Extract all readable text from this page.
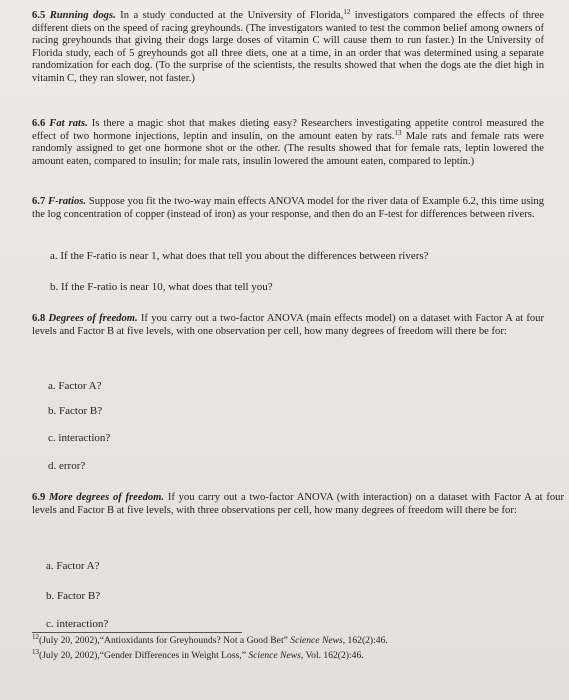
6.5 Running dogs. In a study conducted at the University of Florida,$^{12}$ investigators compared the effects of three different diets on the speed of racing greyhounds. (The investigators wanted to test the common belief among owners of racing greyhounds that giving their dogs large doses of vitamin C will cause them to run faster.) In the University of Florida study, each of 5 greyhounds got all three diets, one at a time, in an order that was determined using a separate randomization for each dog. (To the surprise of the scientists, the results showed that when the dogs ate the diet high in vitamin C, they ran slower, not faster.)
6.6 Fat rats. Is there a magic shot that makes dieting easy? Researchers investigating appetite control measured the effect of two hormone injections, leptin and insulin, on the amount eaten by rats.$^{13}$ Male rats and female rats were randomly assigned to get one hormone shot or the other. (The results showed that for female rats, leptin lowered the amount eaten, compared to insulin; for male rats, insulin lowered the amount eaten, compared to leptin.)
6.7 F-ratios. Suppose you fit the two-way main effects ANOVA model for the river data of Example 6.2, this time using the log concentration of copper (instead of iron) as your response, and then do an F-test for differences between rivers.
a. If the F-ratio is near 1, what does that tell you about the differences between rivers?
b. If the F-ratio is near 10, what does that tell you?
6.8 Degrees of freedom. If you carry out a two-factor ANOVA (main effects model) on a dataset with Factor A at four levels and Factor B at five levels, with one observation per cell, how many degrees of freedom will there be for:
a. Factor A?
b. Factor B?
c. interaction?
d. error?
6.9 More degrees of freedom. If you carry out a two-factor ANOVA (with interaction) on a dataset with Factor A at four levels and Factor B at five levels, with three observations per cell, how many degrees of freedom will there be for:
a. Factor A?
b. Factor B?
c. interaction?
$^{12}$(July 20, 2002),“Antioxidants for Greyhounds? Not a Good Bet” Science News, 162(2):46.
$^{13}$(July 20, 2002),“Gender Differences in Weight Loss,” Science News, Vol. 162(2):46.
